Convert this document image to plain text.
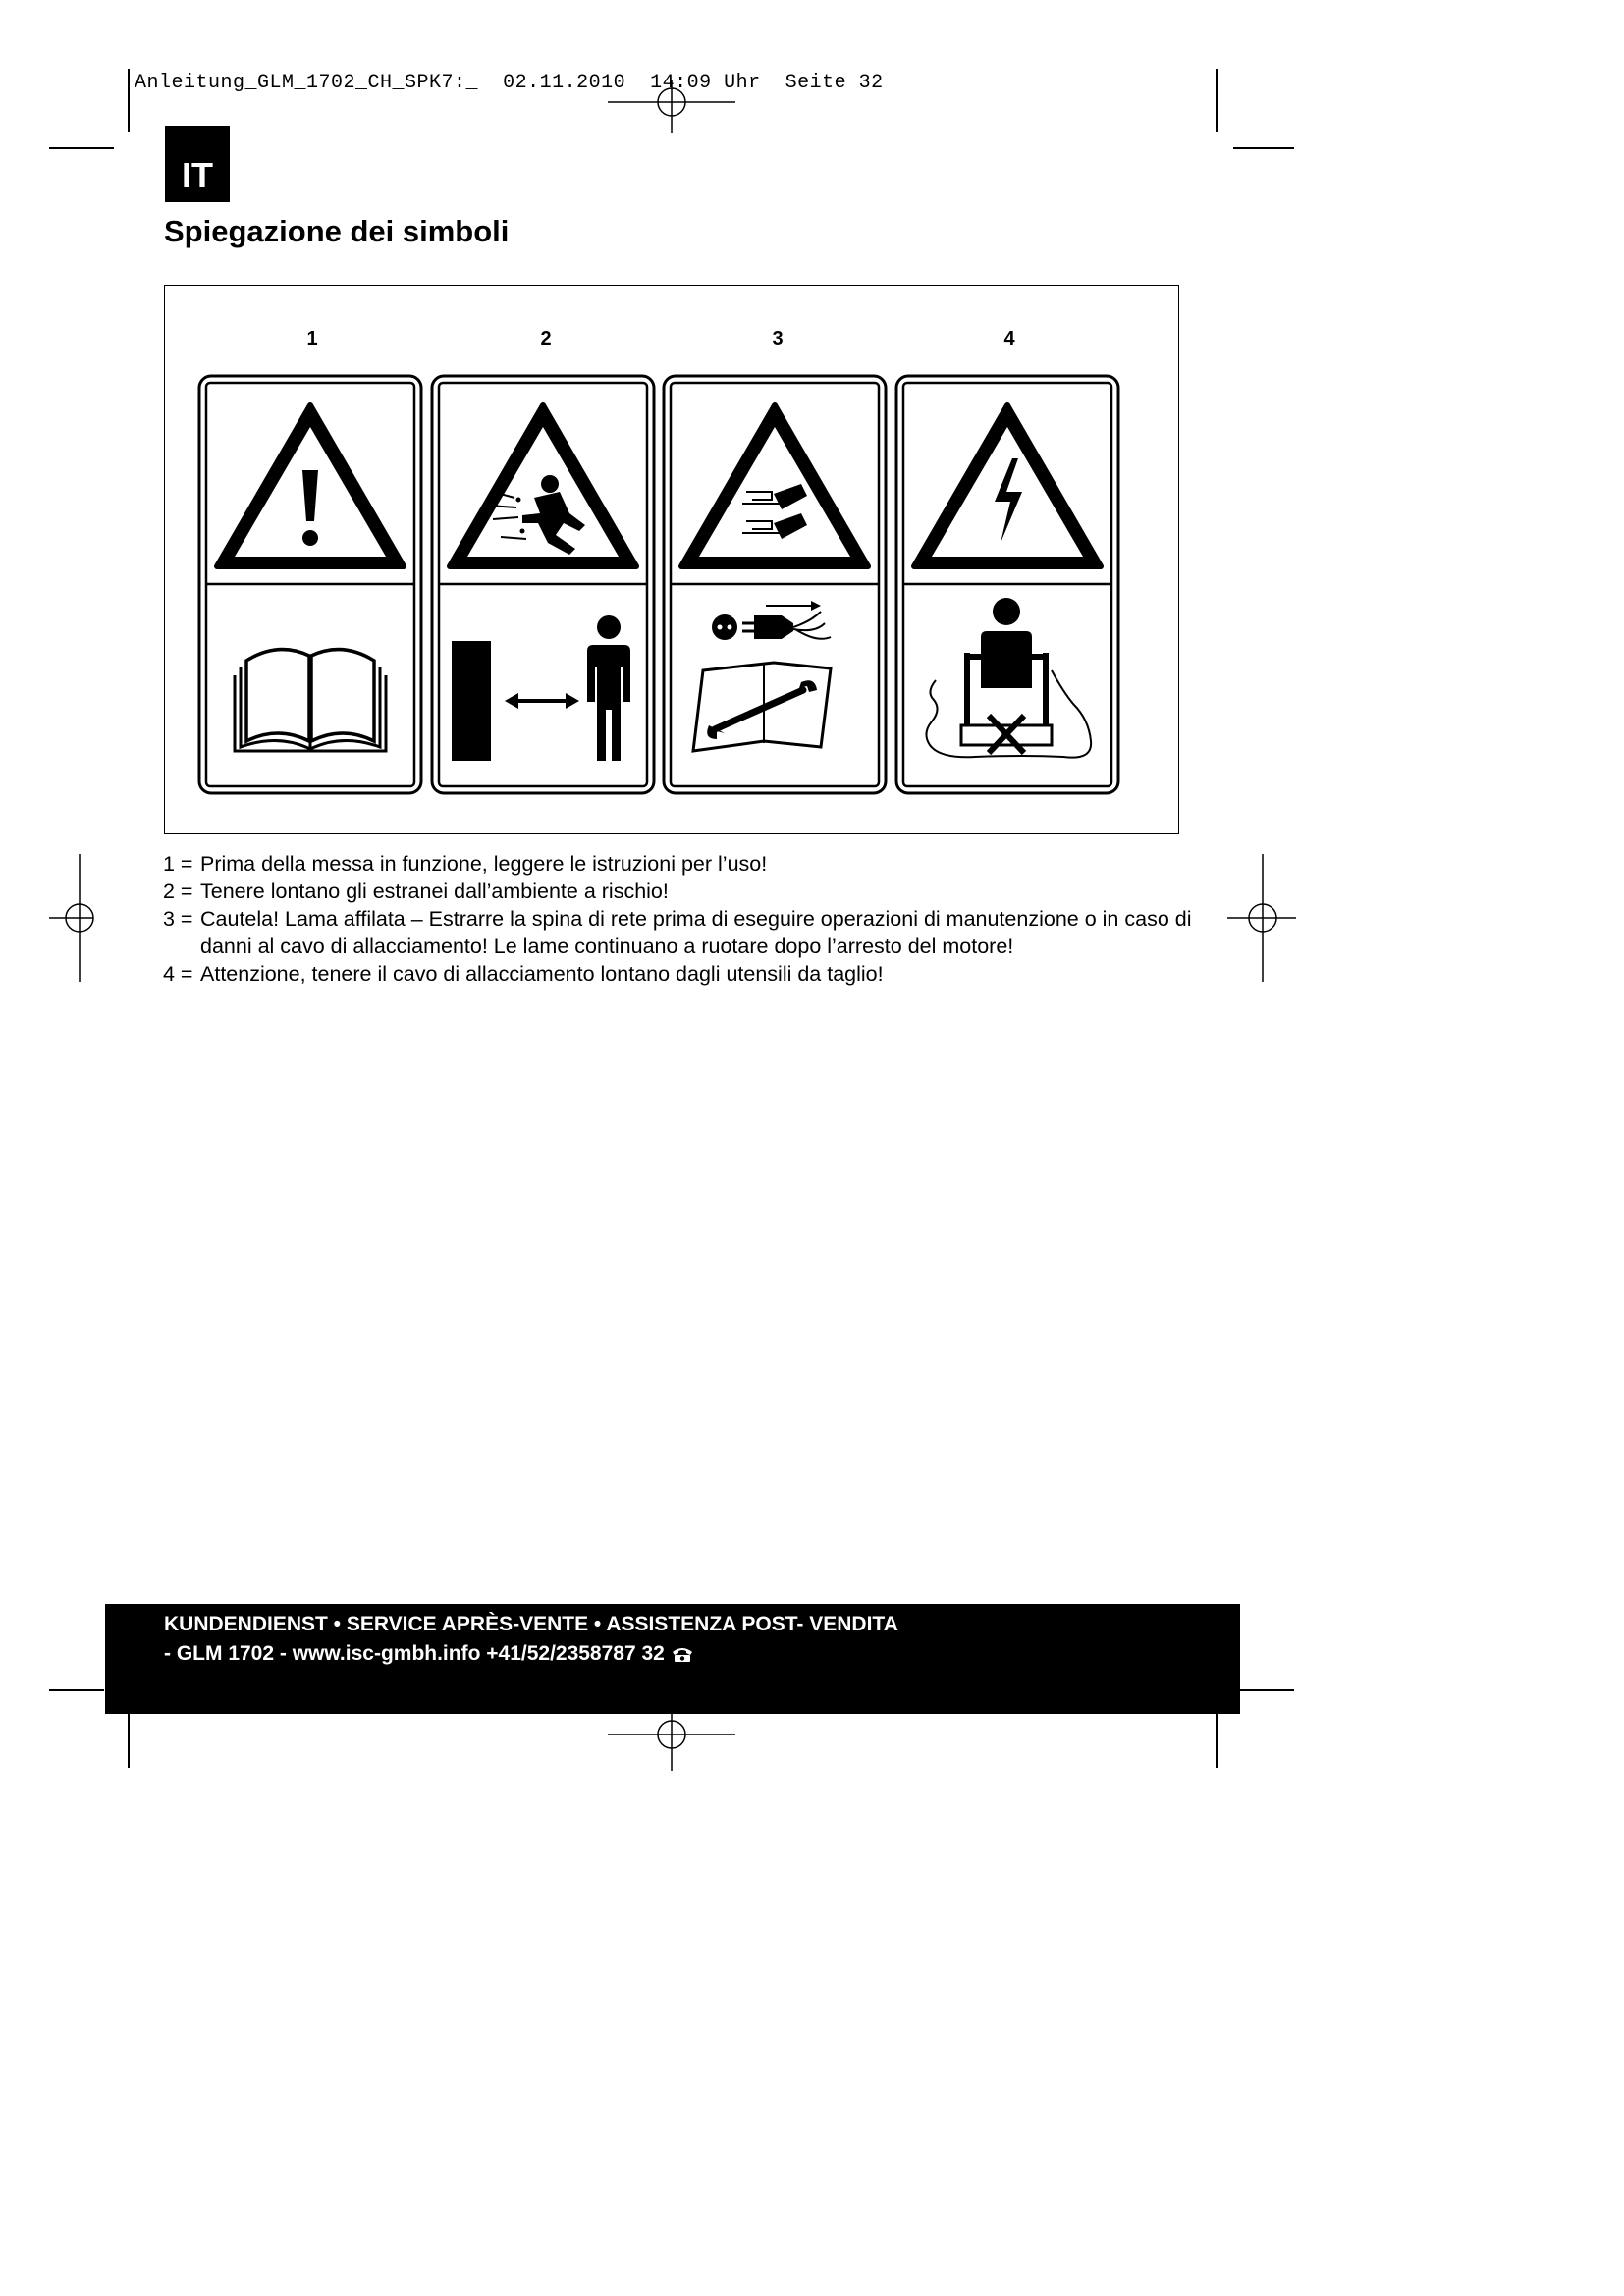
Anleitung_GLM_1702_CH_SPK7:_ 02.11.2010 14:09 Uhr Seite 32
IT
Spiegazione dei simboli
1	2	3	4
1 = Prima della messa in funzione, leggere le istruzioni per l’uso!
2 = Tenere lontano gli estranei dall’ambiente a rischio!
3 = Cautela! Lama affilata – Estrarre la spina di rete prima di eseguire operazioni di manutenzione o in caso di danni al cavo di allacciamento! Le lame continuano a ruotare dopo l’arresto del motore!
4 = Attenzione, tenere il cavo di allacciamento lontano dagli utensili da taglio!
KUNDENDIENST • SERVICE APRÈS-VENTE • ASSISTENZA POST- VENDITA
- GLM 1702 - www.isc-gmbh.info +41/52/2358787 32
